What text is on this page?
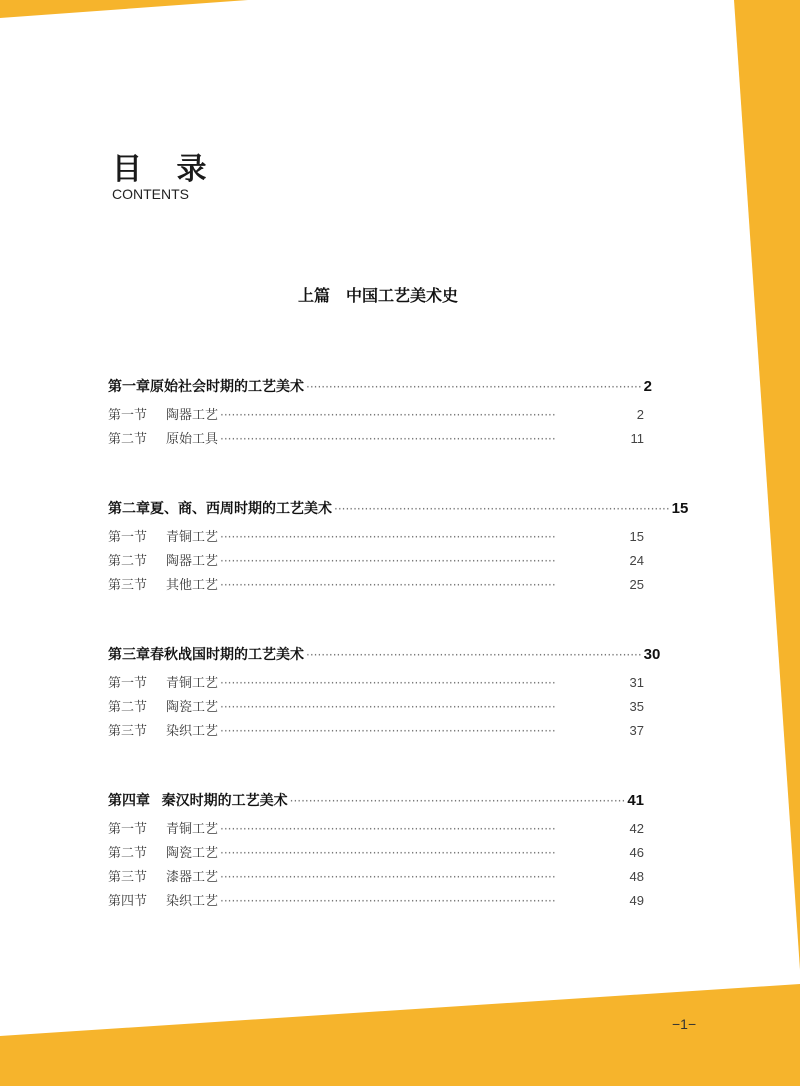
目 录
CONTENTS
上篇　中国工艺美术史
第一章 原始社会时期的工艺美术 ························································································ 2
第一节	陶器工艺 ························································································	2
第二节	原始工具 ························································································	11
第二章 夏、商、西周时期的工艺美术 ························································································ 15
第一节	青铜工艺 ························································································	15
第二节	陶器工艺 ························································································	24
第三节	其他工艺 ························································································	25
第三章 春秋战国时期的工艺美术 ························································································ 30
第一节	青铜工艺 ························································································	31
第二节	陶瓷工艺 ························································································	35
第三节	染织工艺 ························································································	37
第四章 秦汉时期的工艺美术 ························································································ 41
第一节	青铜工艺 ························································································	42
第二节	陶瓷工艺 ························································································	46
第三节	漆器工艺 ························································································	48
第四节	染织工艺 ························································································	49
−1−
